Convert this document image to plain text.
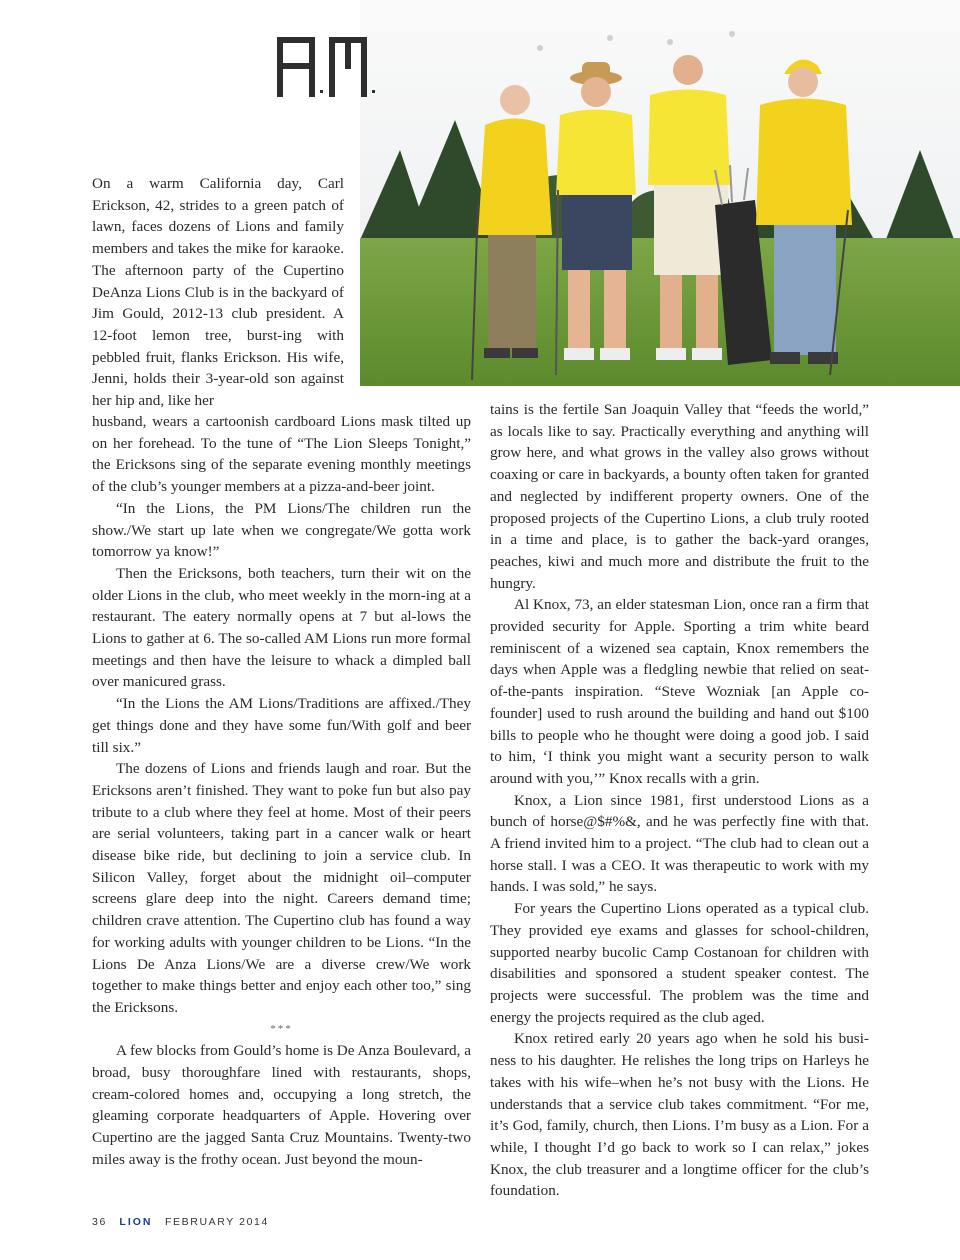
On a warm California day, Carl Erickson, 42, strides to a green patch of lawn, faces dozens of Lions and family members and takes the mike for karaoke. The afternoon party of the Cupertino DeAnza Lions Club is in the backyard of Jim Gould, 2012-13 club president. A 12-foot lemon tree, burst-ing with pebbled fruit, flanks Erickson. His wife, Jenni, holds their 3-year-old son against her hip and, like her

husband, wears a cartoonish cardboard Lions mask tilted up on her forehead. To the tune of “The Lion Sleeps Tonight,” the Ericksons sing of the separate evening monthly meetings of the club’s younger members at a pizza-and-beer joint.

“In the Lions, the PM Lions/The children run the show./We start up late when we congregate/We gotta work tomorrow ya know!”

Then the Ericksons, both teachers, turn their wit on the older Lions in the club, who meet weekly in the morn-ing at a restaurant. The eatery normally opens at 7 but al-lows the Lions to gather at 6. The so-called AM Lions run more formal meetings and then have the leisure to whack a dimpled ball over manicured grass.

“In the Lions the AM Lions/Traditions are affixed./They get things done and they have some fun/With golf and beer till six.”

The dozens of Lions and friends laugh and roar. But the Ericksons aren’t finished. They want to poke fun but also pay tribute to a club where they feel at home. Most of their peers are serial volunteers, taking part in a cancer walk or heart disease bike ride, but declining to join a service club. In Silicon Valley, forget about the midnight oil–computer screens glare deep into the night. Careers demand time; children crave attention. The Cupertino club has found a way for working adults with younger children to be Lions. “In the Lions De Anza Lions/We are a diverse crew/We work together to make things better and enjoy each other too,” sing the Ericksons.

***

A few blocks from Gould’s home is De Anza Boulevard, a broad, busy thoroughfare lined with restaurants, shops, cream-colored homes and, occupying a long stretch, the gleaming corporate headquarters of Apple. Hovering over Cupertino are the jagged Santa Cruz Mountains. Twenty-two miles away is the frothy ocean. Just beyond the moun-

tains is the fertile San Joaquin Valley that “feeds the world,” as locals like to say. Practically everything and anything will grow here, and what grows in the valley also grows without coaxing or care in backyards, a bounty often taken for granted and neglected by indifferent property owners. One of the proposed projects of the Cupertino Lions, a club truly rooted in a time and place, is to gather the back-yard oranges, peaches, kiwi and much more and distribute the fruit to the hungry.

Al Knox, 73, an elder statesman Lion, once ran a firm that provided security for Apple. Sporting a trim white beard reminiscent of a wizened sea captain, Knox remembers the days when Apple was a fledgling newbie that relied on seat-of-the-pants inspiration. “Steve Wozniak [an Apple co-founder] used to rush around the building and hand out $100 bills to people who he thought were doing a good job. I said to him, ‘I think you might want a security person to walk around with you,’” Knox recalls with a grin.

Knox, a Lion since 1981, first understood Lions as a bunch of horse@$#%&, and he was perfectly fine with that. A friend invited him to a project. “The club had to clean out a horse stall. I was a CEO. It was therapeutic to work with my hands. I was sold,” he says.

For years the Cupertino Lions operated as a typical club. They provided eye exams and glasses for school-children, supported nearby bucolic Camp Costanoan for children with disabilities and sponsored a student speaker contest. The projects were successful. The problem was the time and energy the projects required as the club aged.

Knox retired early 20 years ago when he sold his busi-ness to his daughter. He relishes the long trips on Harleys he takes with his wife–when he’s not busy with the Lions. He understands that a service club takes commitment. “For me, it’s God, family, church, then Lions. I’m busy as a Lion. For a while, I thought I’d go back to work so I can relax,” jokes Knox, the club treasurer and a longtime officer for the club’s foundation.

36 LION FEBRUARY 2014
